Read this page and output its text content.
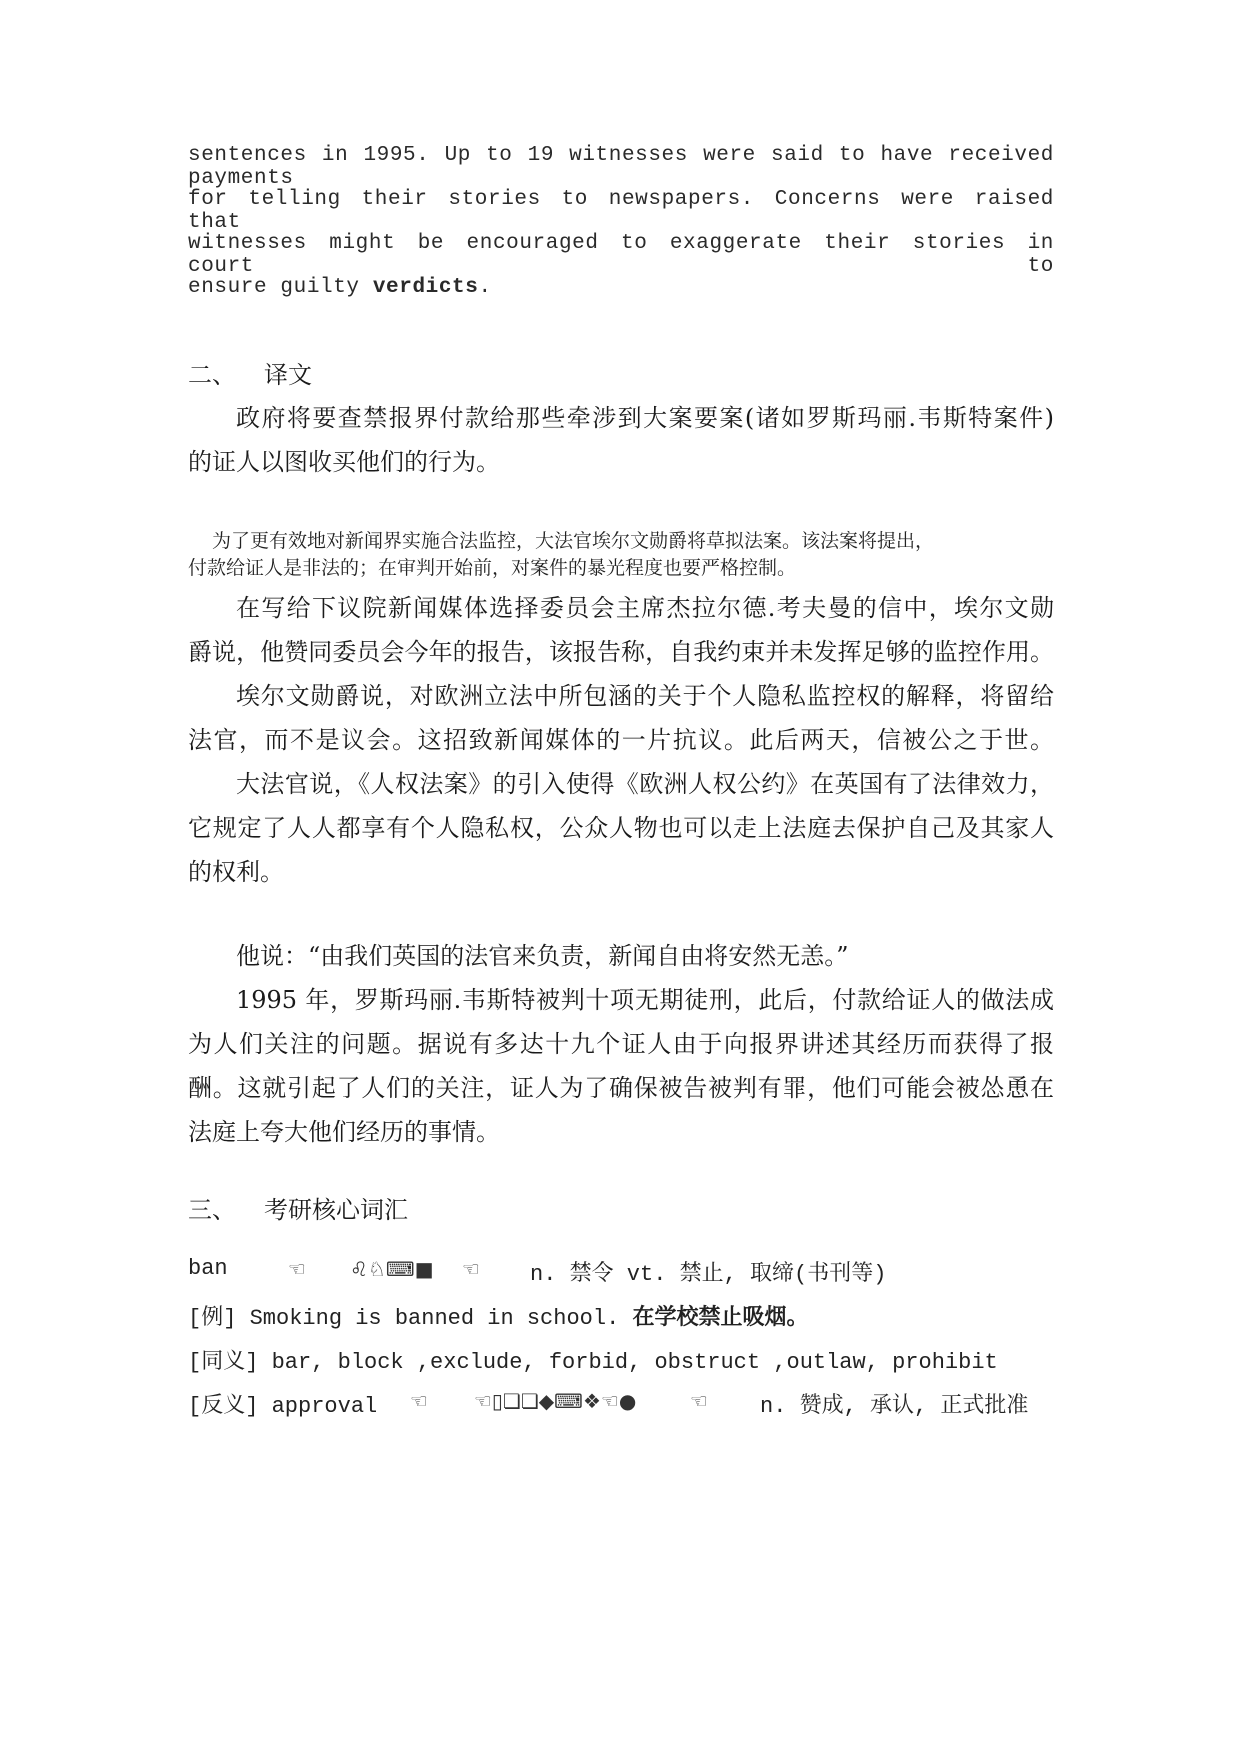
sentences in 1995. Up to 19 witnesses were said to have received payments
for telling their stories to newspapers. Concerns were raised that
witnesses might be encouraged to exaggerate their stories in court to
ensure guilty verdicts.
二、 译文
政府将要查禁报界付款给那些牵涉到大案要案(诸如罗斯玛丽.韦斯特案件)
的证人以图收买他们的行为。
为了更有效地对新闻界实施合法监控，大法官埃尔文勋爵将草拟法案。该法案将提出，
付款给证人是非法的；在审判开始前，对案件的暴光程度也要严格控制。
在写给下议院新闻媒体选择委员会主席杰拉尔德.考夫曼的信中，埃尔文勋
爵说，他赞同委员会今年的报告，该报告称，自我约束并未发挥足够的监控作用。
埃尔文勋爵说，对欧洲立法中所包涵的关于个人隐私监控权的解释，将留给
法官，而不是议会。这招致新闻媒体的一片抗议。此后两天，信被公之于世。
大法官说，《人权法案》的引入使得《欧洲人权公约》在英国有了法律效力，
它规定了人人都享有个人隐私权，公众人物也可以走上法庭去保护自己及其家人
的权利。
他说：“由我们英国的法官来负责，新闻自由将安然无恙。”
1995 年，罗斯玛丽.韦斯特被判十项无期徒刑，此后，付款给证人的做法成
为人们关注的问题。据说有多达十九个证人由于向报界讲述其经历而获得了报
酬。这就引起了人们的关注，证人为了确保被告被判有罪，他们可能会被怂恿在
法庭上夸大他们经历的事情。
三、 考研核心词汇
ban	☜ ♌♘⌨■ ☜ n. 禁令 vt. 禁止, 取缔(书刊等)
[例] Smoking is banned in school. 在学校禁止吸烟。
[同义] bar, block ,exclude, forbid, obstruct ,outlaw, prohibit
[反义] approval ☜ ☜▯❏❏◆⌨❖☜●	☜ n. 赞成, 承认, 正式批准
